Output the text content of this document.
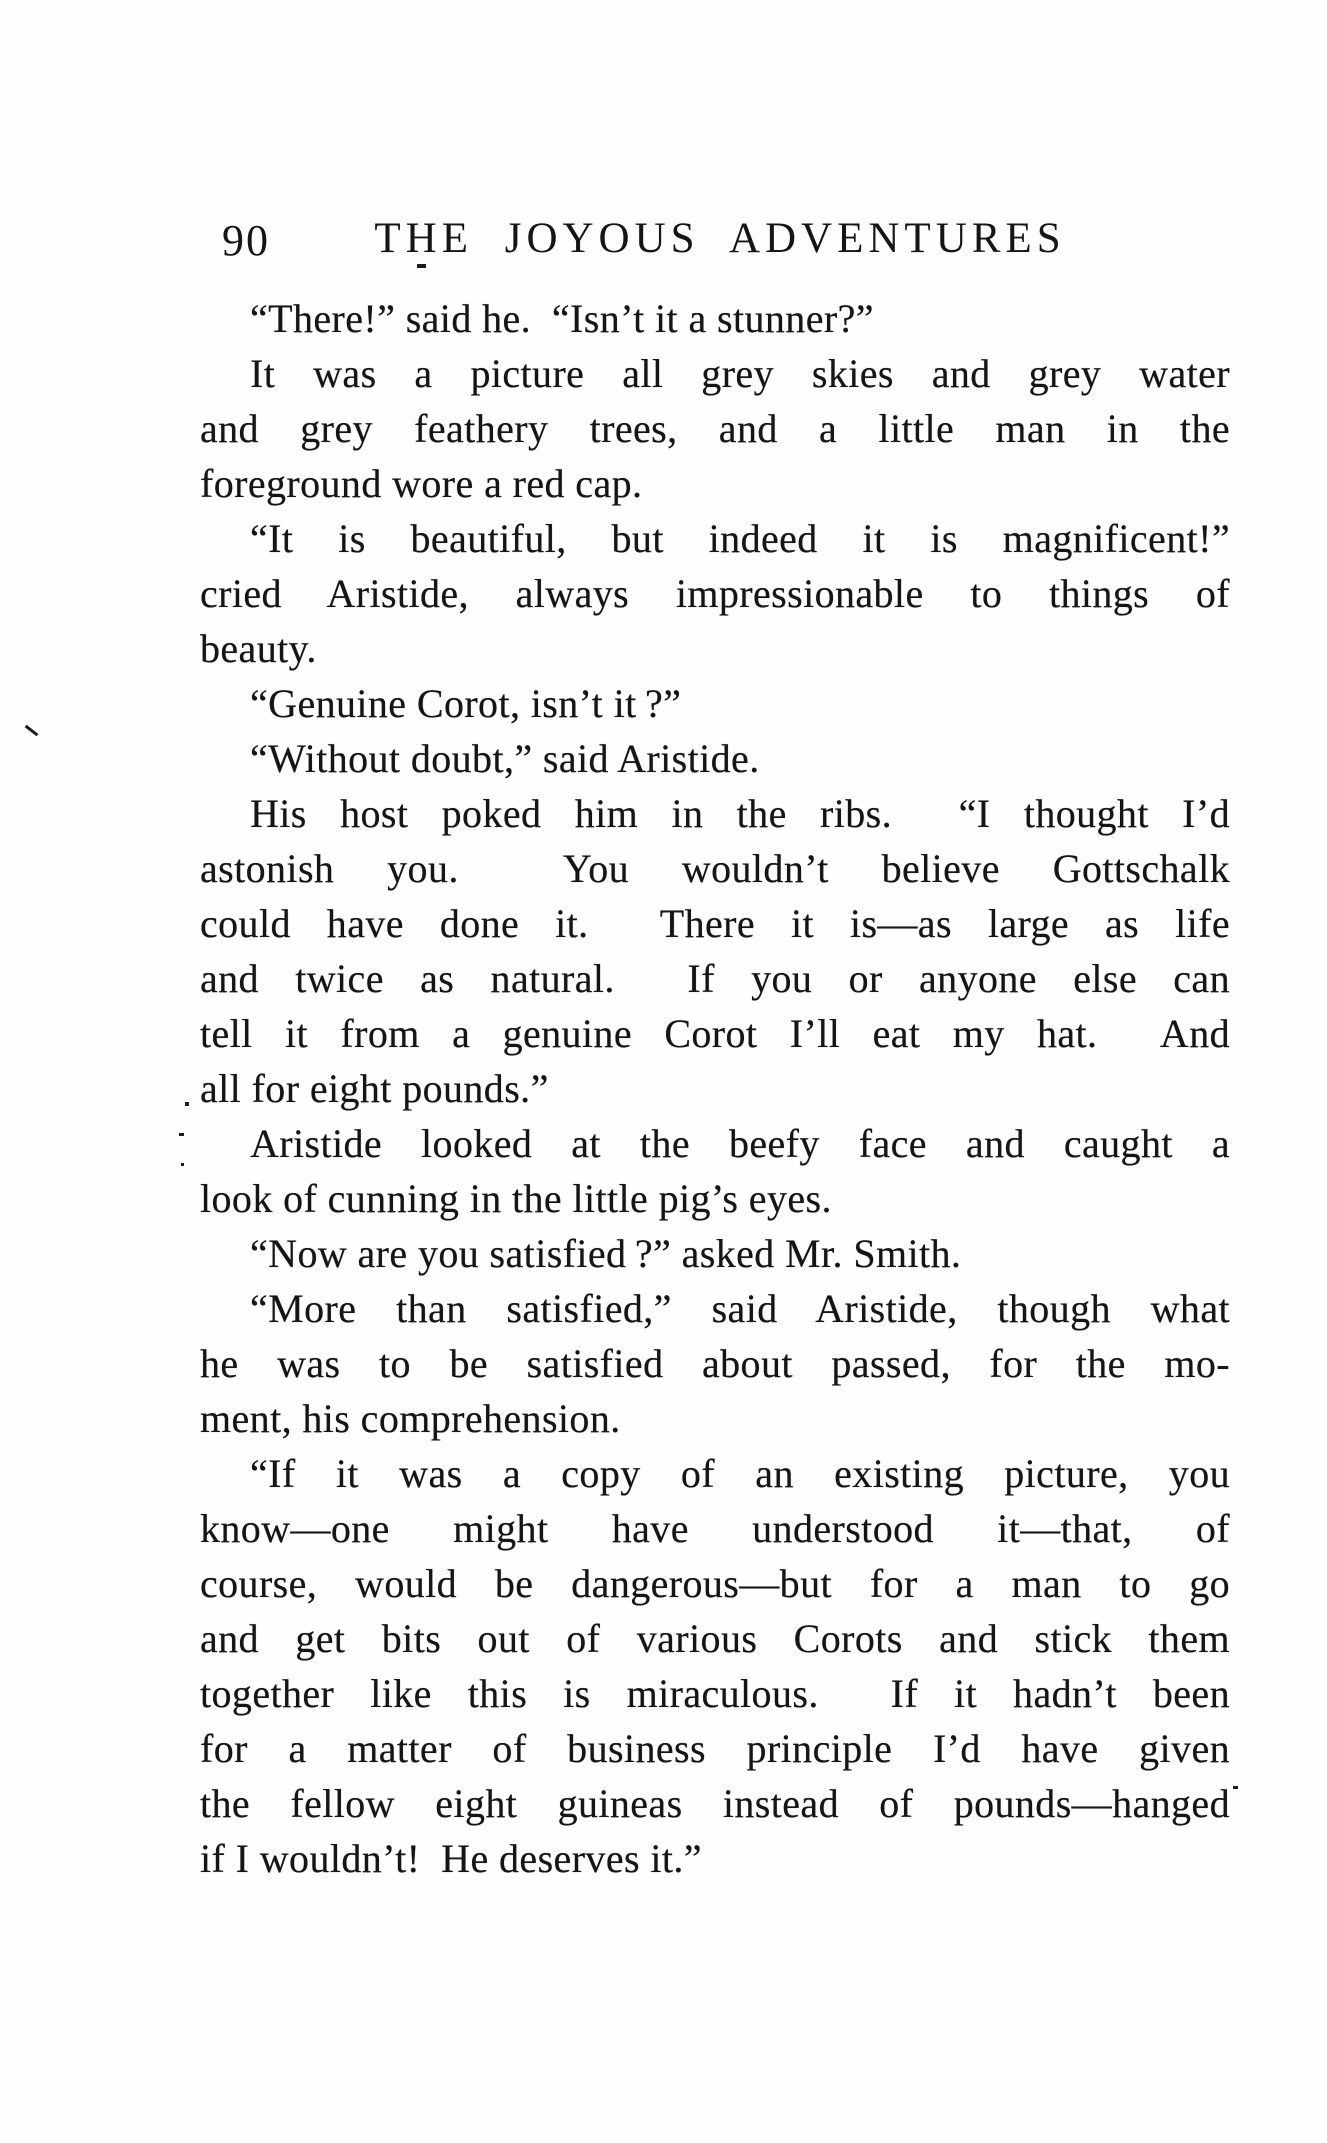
90	THE JOYOUS ADVENTURES
“There!” said he.  “Isn’t it a stunner?”
It was a picture all grey skies and grey water
and grey feathery trees, and a little man in the
foreground wore a red cap.
“It is beautiful, but indeed it is magnificent!”
cried Aristide, always impressionable to things of
beauty.
“Genuine Corot, isn’t it ?”
“Without doubt,” said Aristide.
His host poked him in the ribs.  “I thought I’d
astonish you.  You wouldn’t believe Gottschalk
could have done it.  There it is—as large as life
and twice as natural.  If you or anyone else can
tell it from a genuine Corot I’ll eat my hat.  And
all for eight pounds.”
Aristide looked at the beefy face and caught a
look of cunning in the little pig’s eyes.
“Now are you satisfied ?” asked Mr. Smith.
“More than satisfied,” said Aristide, though what
he was to be satisfied about passed, for the mo-
ment, his comprehension.
“If it was a copy of an existing picture, you
know—one might have understood it—that, of
course, would be dangerous—but for a man to go
and get bits out of various Corots and stick them
together like this is miraculous.  If it hadn’t been
for a matter of business principle I’d have given
the fellow eight guineas instead of pounds—hanged
if I wouldn’t!  He deserves it.”
